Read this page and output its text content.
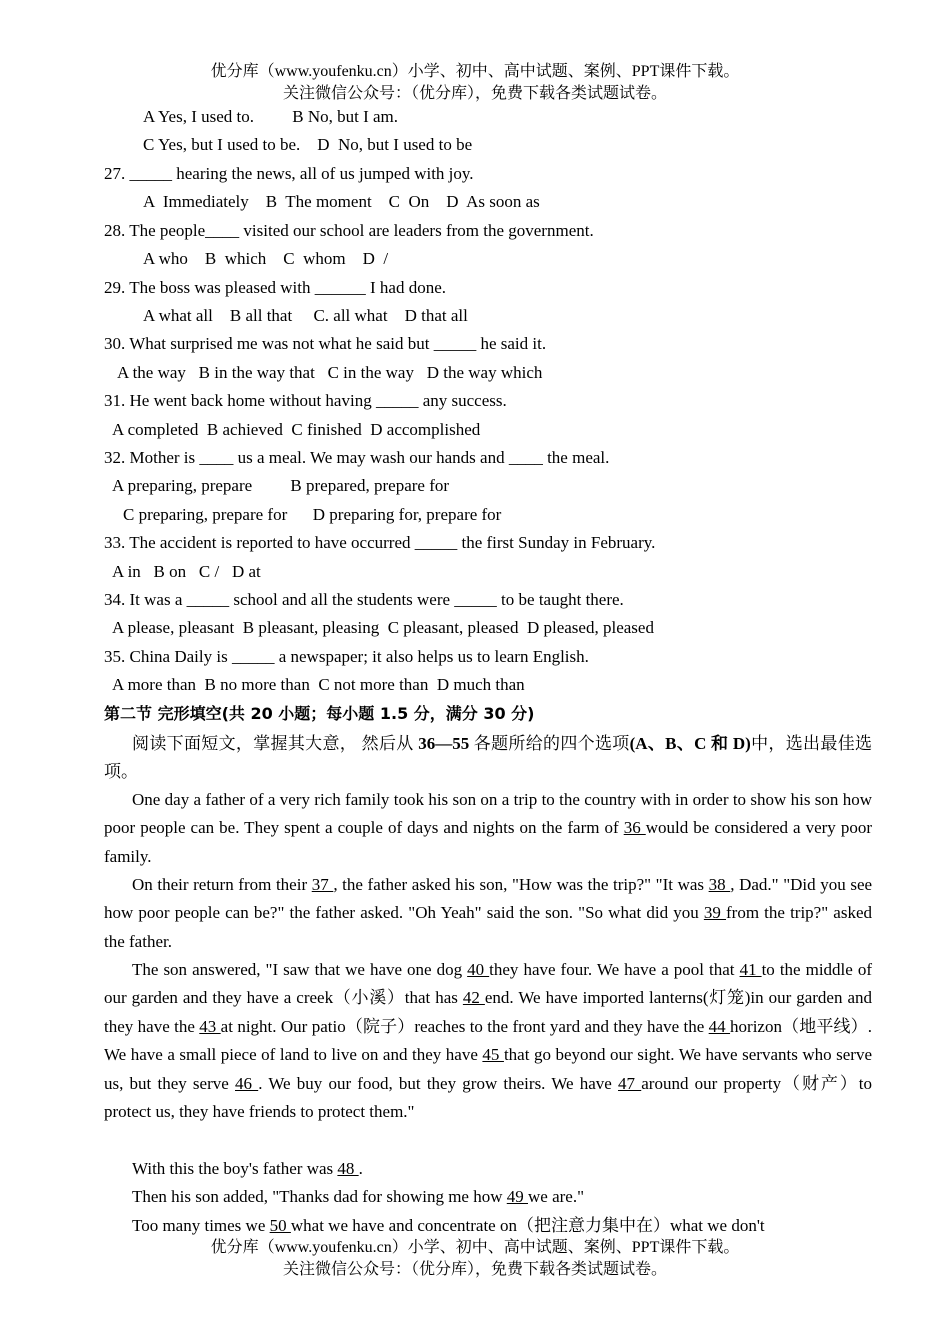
优分库（www.youfenku.cn）小学、初中、高中试题、案例、PPT课件下载。
关注微信公众号：（优分库），免费下载各类试题试卷。
A Yes, I used to.         B No, but I am.
C Yes, but I used to be.    D  No, but I used to be
27. _____ hearing the news, all of us jumped with joy.
A  Immediately    B  The moment    C  On    D  As soon as
28. The people____ visited our school are leaders from the government.
A who    B  which    C  whom    D  /
29. The boss was pleased with ______ I had done.
A what all    B all that     C. all what    D that all
30. What surprised me was not what he said but _____ he said it.
A the way   B in the way that   C in the way   D the way which
31. He went back home without having _____ any success.
A completed  B achieved  C finished  D accomplished
32. Mother is ____ us a meal. We may wash our hands and ____ the meal.
A preparing, prepare         B prepared, prepare for
C preparing, prepare for      D preparing for, prepare for
33. The accident is reported to have occurred _____ the first Sunday in February.
A in   B on   C /   D at
34. It was a _____ school and all the students were _____ to be taught there.
A please, pleasant  B pleasant, pleasing  C pleasant, pleased  D pleased, pleased
35. China Daily is _____ a newspaper; it also helps us to learn English.
A more than  B no more than  C not more than  D much than
第二节 完形填空(共 20 小题；每小题 1.5 分，满分 30 分)
阅读下面短文，掌握其大意， 然后从 36—55 各题所给的四个选项(A、B、C 和 D)中，选出最佳选项。
One day a father of a very rich family took his son on a trip to the country with in order to show his son how poor people can be. They spent a couple of days and nights on the farm of 36 would be considered a very poor family.
On their return from their 37 , the father asked his son, "How was the trip?" "It was 38 , Dad." "Did you see how poor people can be?" the father asked. "Oh Yeah" said the son. "So what did you 39 from the trip?" asked the father.
The son answered, "I saw that we have one dog 40 they have four. We have a pool that 41 to the middle of our garden and they have a creek（小溪）that has 42 end. We have imported lanterns(灯笼)in our garden and they have the 43 at night. Our patio（院子）reaches to the front yard and they have the 44 horizon（地平线）. We have a small piece of land to live on and they have 45 that go beyond our sight. We have servants who serve us, but they serve 46 . We buy our food, but they grow theirs. We have 47 around our property（财产）to protect us, they have friends to protect them."
With this the boy's father was 48 .
Then his son added, "Thanks dad for showing me how 49 we are."
Too many times we 50 what we have and concentrate on（把注意力集中在）what we don't
优分库（www.youfenku.cn）小学、初中、高中试题、案例、PPT课件下载。
关注微信公众号：（优分库），免费下载各类试题试卷。
